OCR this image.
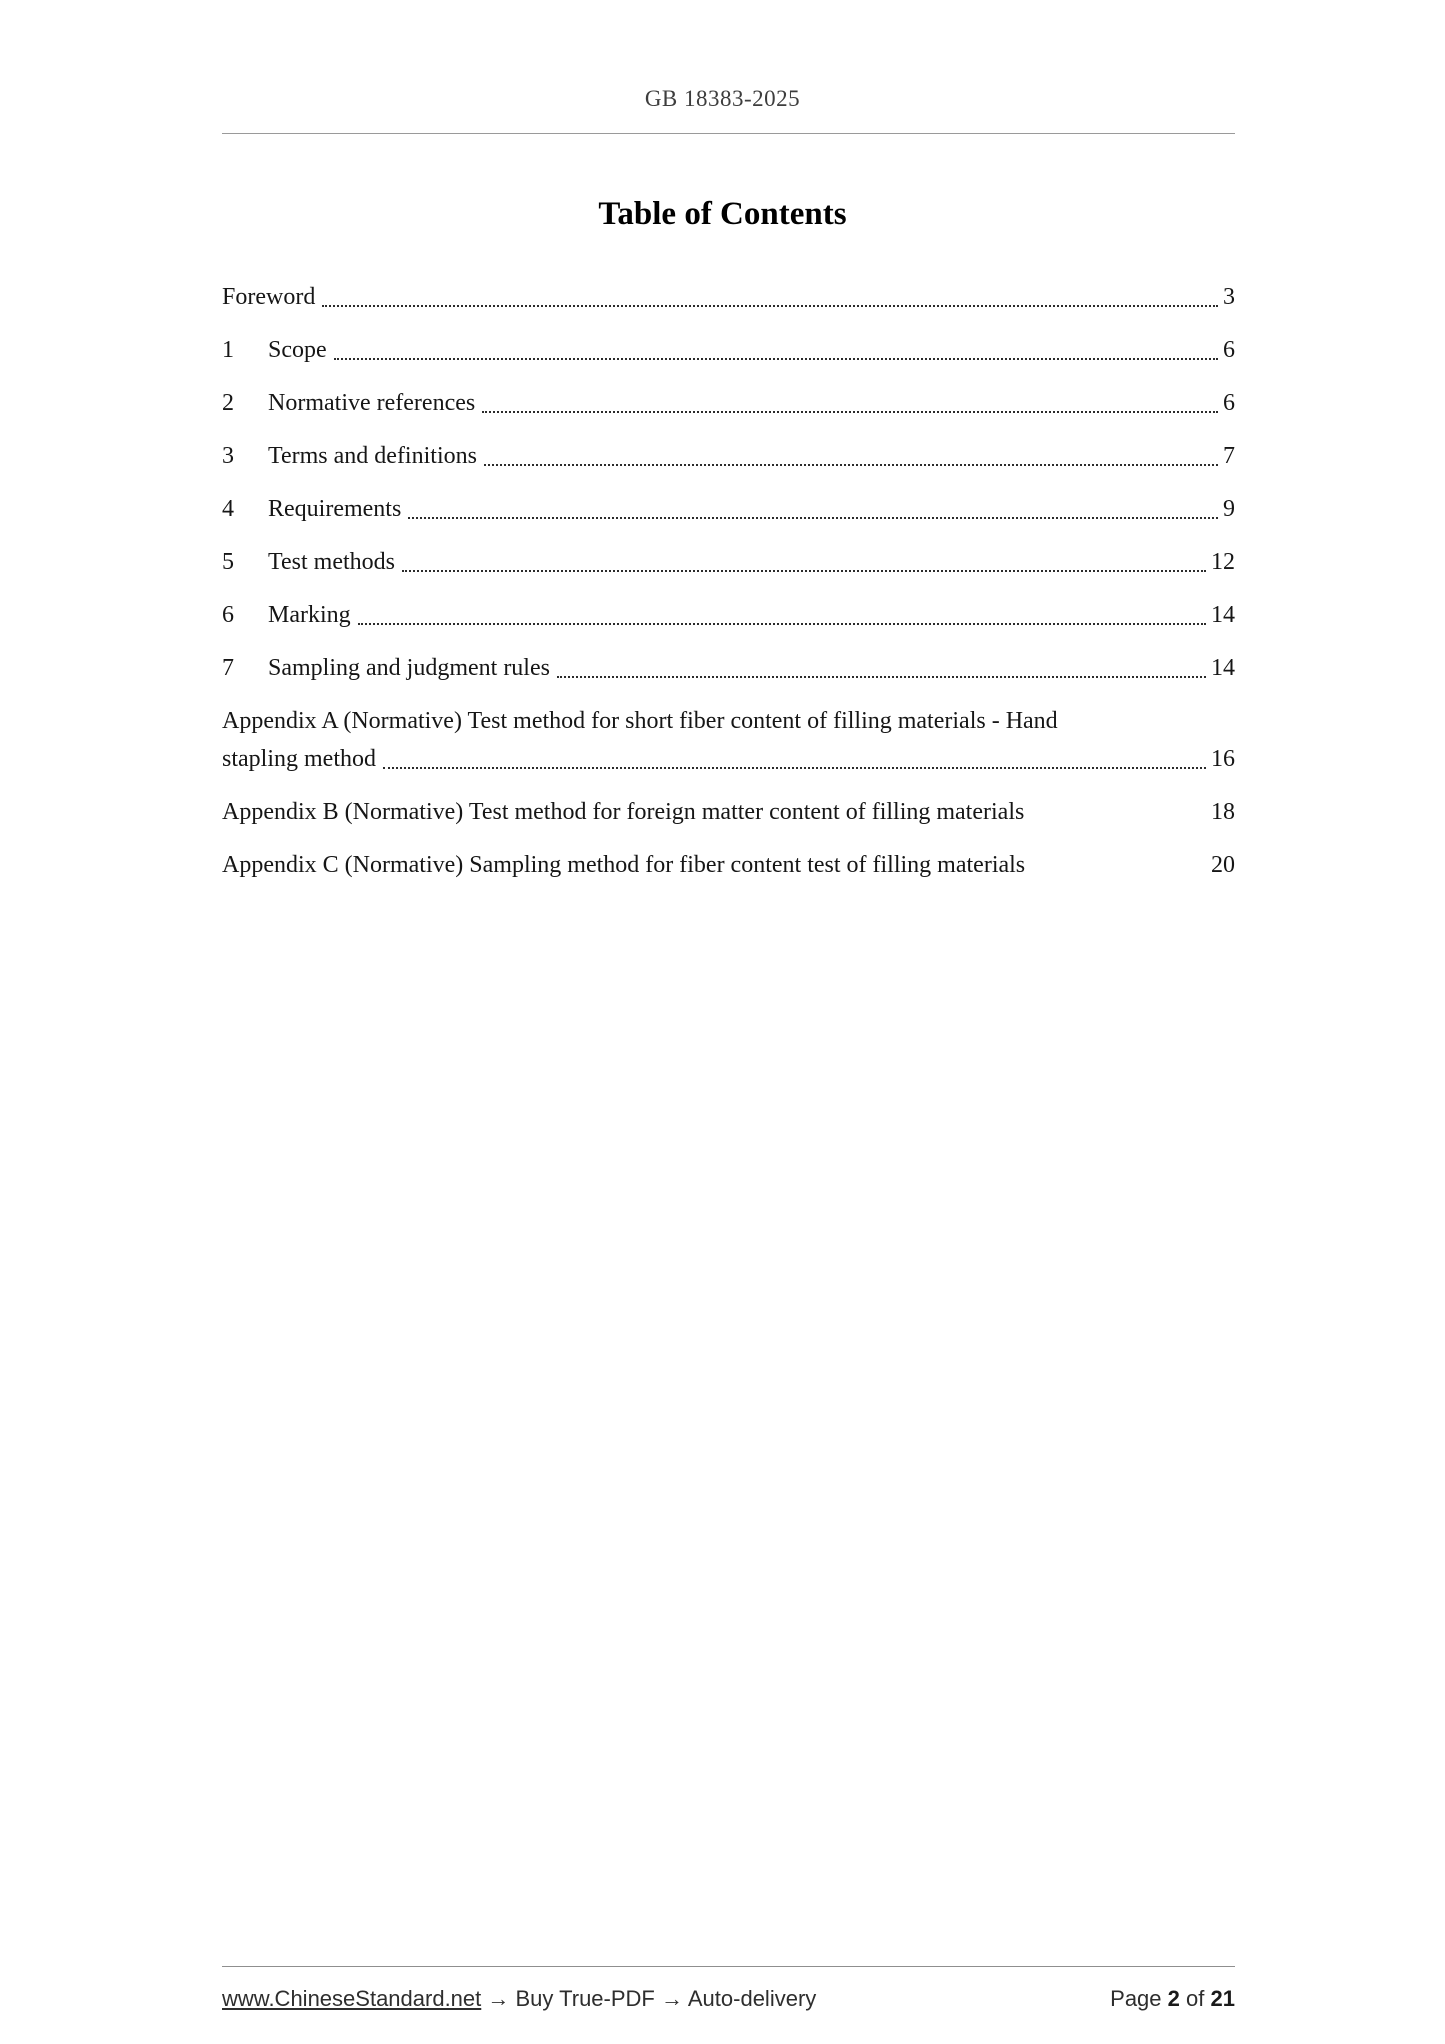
GB 18383-2025
Table of Contents
Foreword	3
1	Scope	6
2	Normative references	6
3	Terms and definitions	7
4	Requirements	9
5	Test methods	12
6	Marking	14
7	Sampling and judgment rules	14
Appendix A (Normative) Test method for short fiber content of filling materials - Hand
stapling method	16
Appendix B (Normative) Test method for foreign matter content of filling materials	18
Appendix C (Normative) Sampling method for fiber content test of filling materials	20
www.ChineseStandard.net → Buy True-PDF → Auto-delivery	Page 2 of 21
